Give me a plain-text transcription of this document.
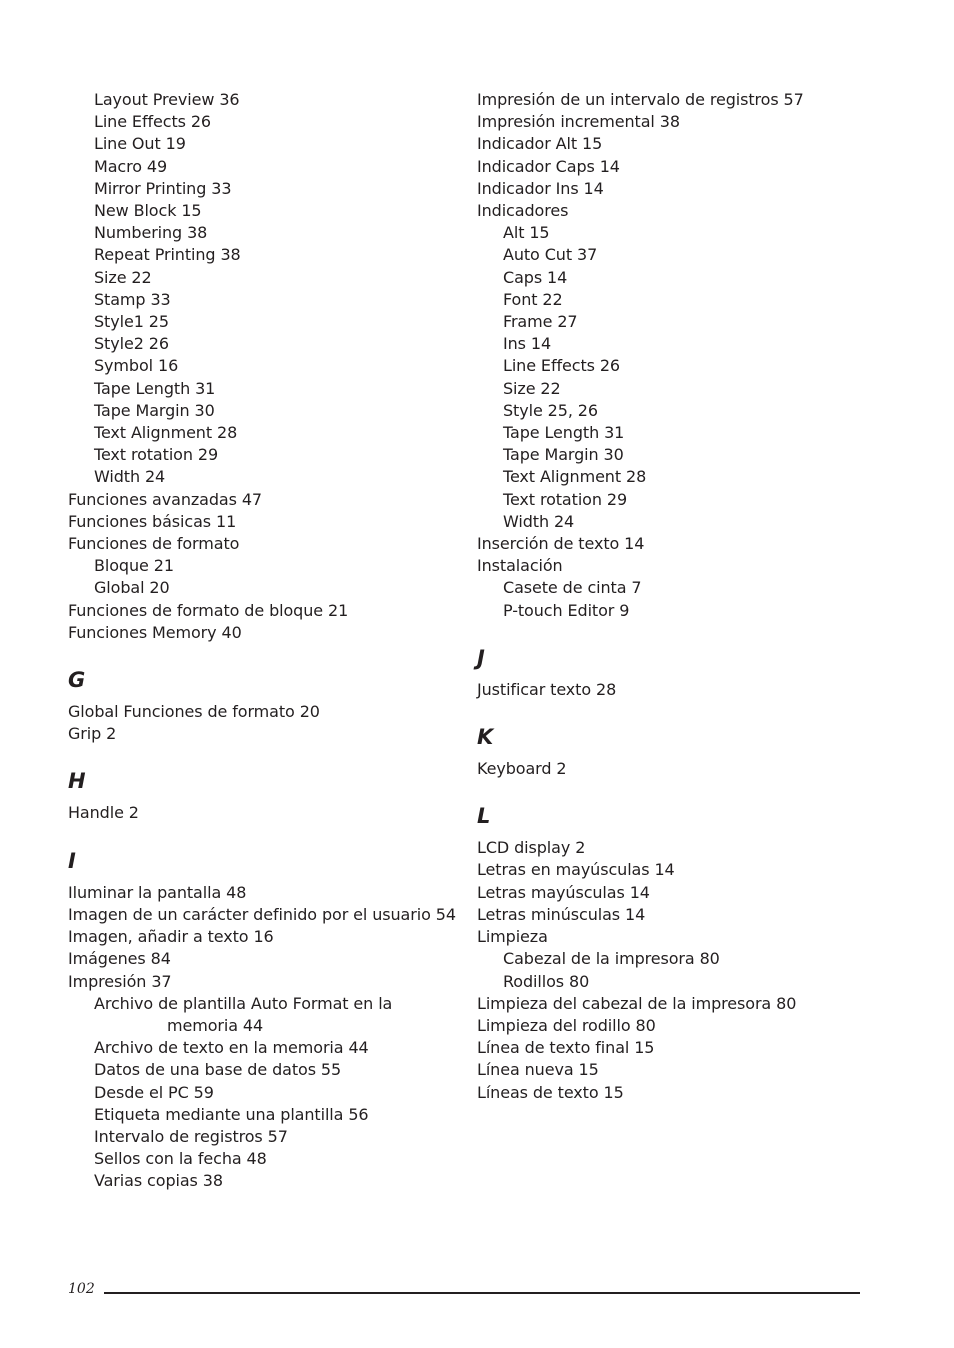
Layout Preview 36
Line Effects 26
Line Out 19
Macro 49
Mirror Printing 33
New Block 15
Numbering 38
Repeat Printing 38
Size 22
Stamp 33
Style1 25
Style2 26
Symbol 16
Tape Length 31
Tape Margin 30
Text Alignment 28
Text rotation 29
Width 24
Funciones avanzadas 47
Funciones básicas 11
Funciones de formato
Bloque 21
Global 20
Funciones de formato de bloque 21
Funciones Memory 40
G
Global Funciones de formato 20
Grip 2
H
Handle 2
I
Iluminar la pantalla 48
Imagen de un carácter definido por el usuario 54
Imagen, añadir a texto 16
Imágenes 84
Impresión 37
Archivo de plantilla Auto Format en la
memoria 44
Archivo de texto en la memoria 44
Datos de una base de datos 55
Desde el PC 59
Etiqueta mediante una plantilla 56
Intervalo de registros 57
Sellos con la fecha 48
Varias copias 38
Impresión de un intervalo de registros 57
Impresión incremental 38
Indicador Alt 15
Indicador Caps 14
Indicador Ins 14
Indicadores
Alt 15
Auto Cut 37
Caps 14
Font 22
Frame 27
Ins 14
Line Effects 26
Size 22
Style 25, 26
Tape Length 31
Tape Margin 30
Text Alignment 28
Text rotation 29
Width 24
Inserción de texto 14
Instalación
Casete de cinta 7
P-touch Editor 9
J
Justificar texto 28
K
Keyboard 2
L
LCD display 2
Letras en mayúsculas 14
Letras mayúsculas 14
Letras minúsculas 14
Limpieza
Cabezal de la impresora 80
Rodillos 80
Limpieza del cabezal de la impresora 80
Limpieza del rodillo 80
Línea de texto final 15
Línea nueva 15
Líneas de texto 15
102
